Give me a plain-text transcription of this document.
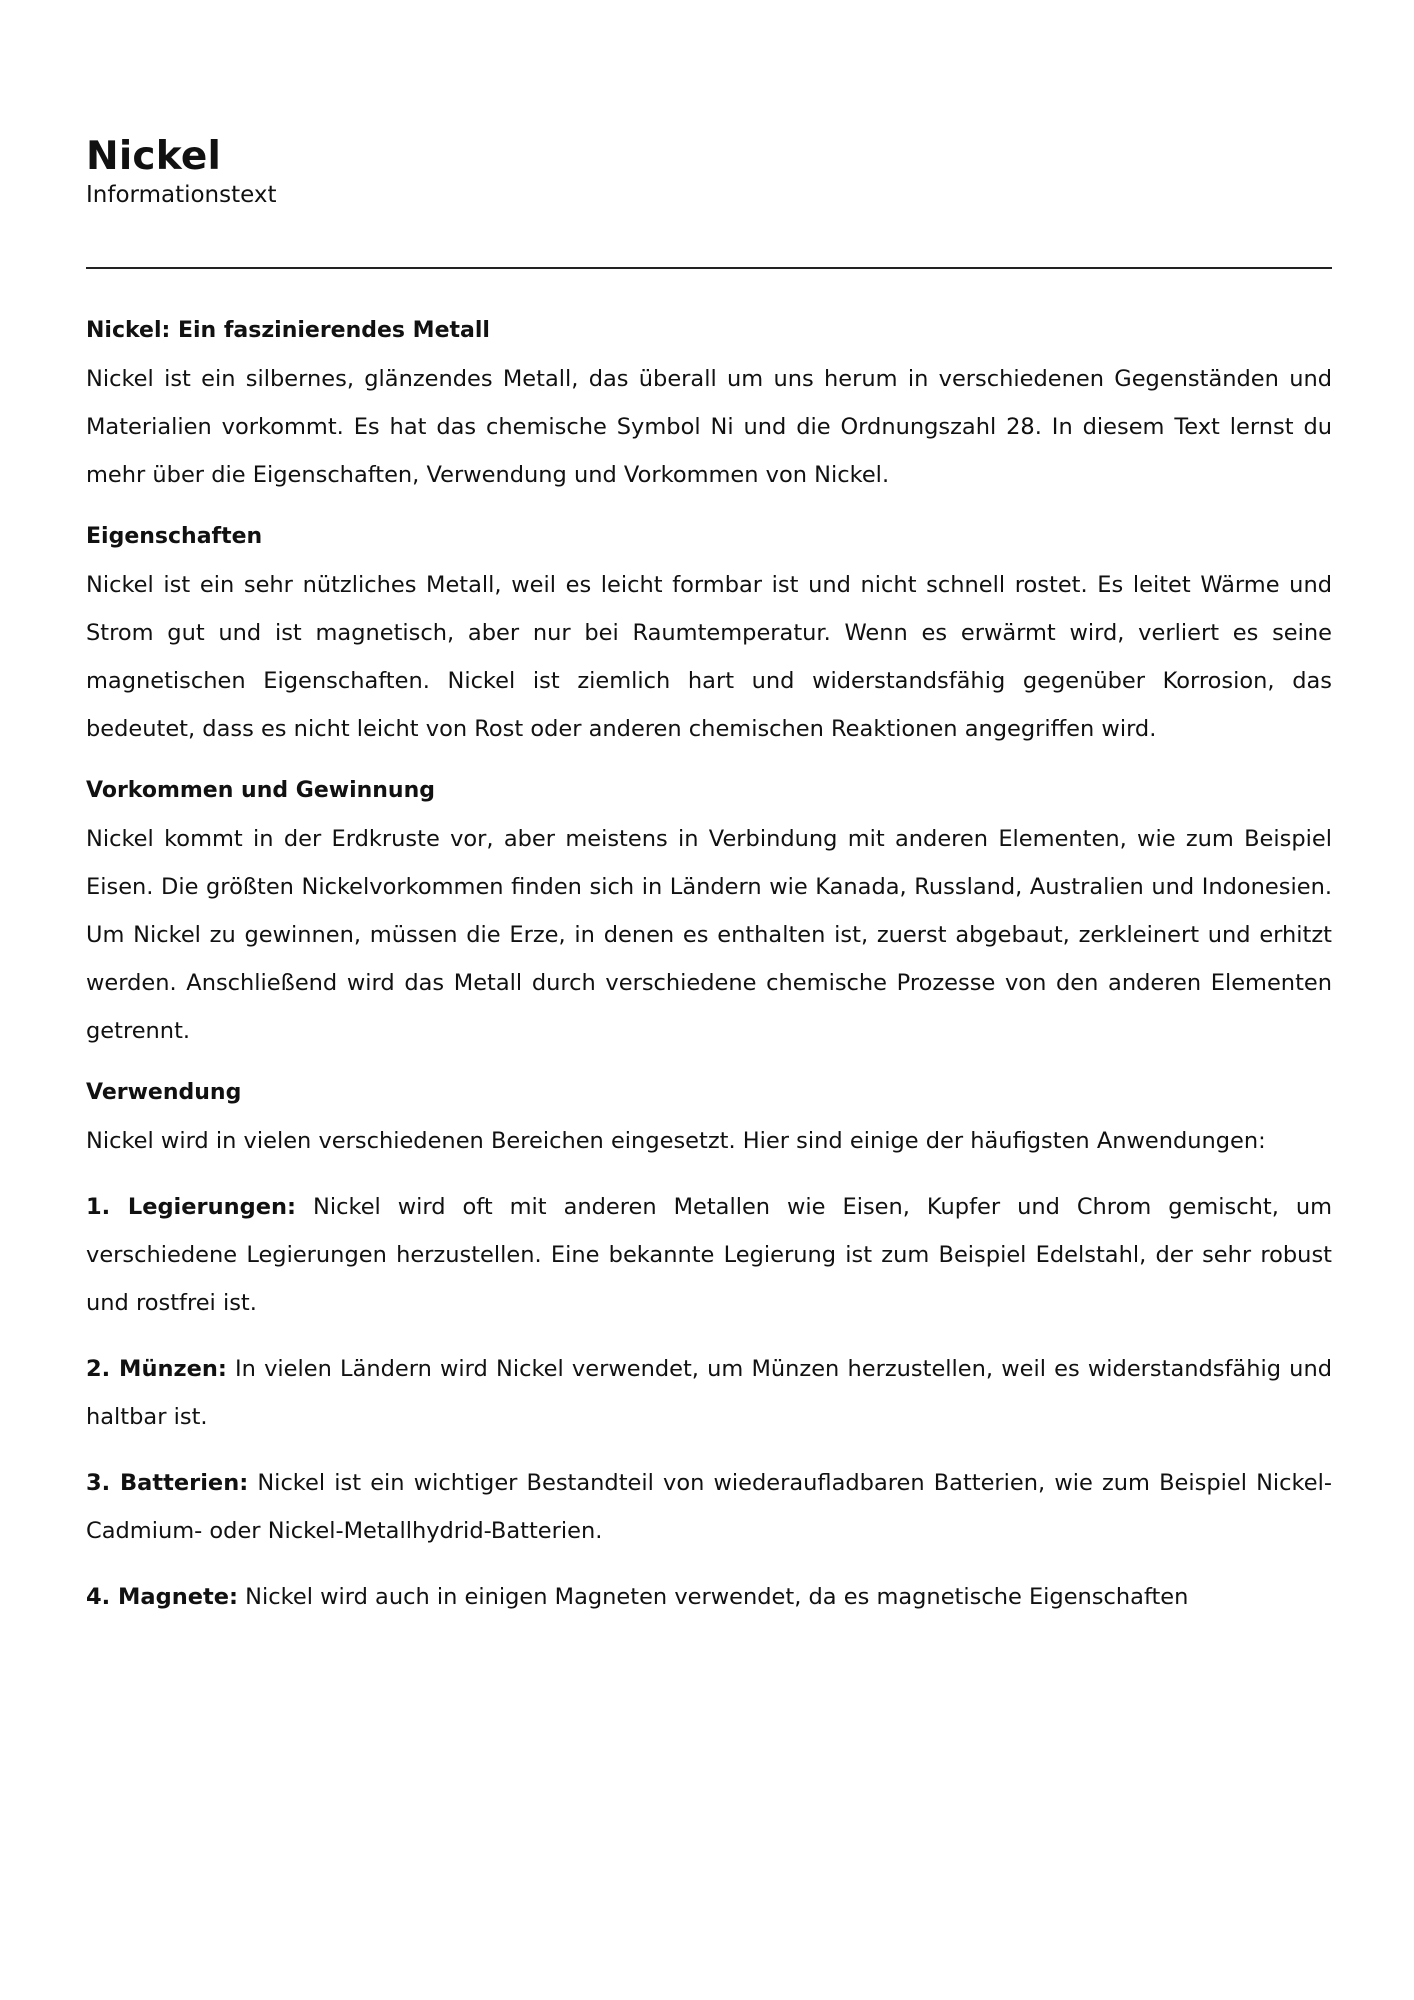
Nickel

Informationstext

Nickel: Ein faszinierendes Metall

Nickel ist ein silbernes, glänzendes Metall, das überall um uns herum in verschiedenen Gegenständen und Materialien vorkommt. Es hat das chemische Symbol Ni und die Ordnungszahl 28. In diesem Text lernst du mehr über die Eigenschaften, Verwendung und Vorkommen von Nickel.

Eigenschaften

Nickel ist ein sehr nützliches Metall, weil es leicht formbar ist und nicht schnell rostet. Es leitet Wärme und Strom gut und ist magnetisch, aber nur bei Raumtemperatur. Wenn es erwärmt wird, verliert es seine magnetischen Eigenschaften. Nickel ist ziemlich hart und widerstandsfähig gegenüber Korrosion, das bedeutet, dass es nicht leicht von Rost oder anderen chemischen Reaktionen angegriffen wird.

Vorkommen und Gewinnung

Nickel kommt in der Erdkruste vor, aber meistens in Verbindung mit anderen Elementen, wie zum Beispiel Eisen. Die größten Nickelvorkommen finden sich in Ländern wie Kanada, Russland, Australien und Indonesien. Um Nickel zu gewinnen, müssen die Erze, in denen es enthalten ist, zuerst abgebaut, zerkleinert und erhitzt werden. Anschließend wird das Metall durch verschiedene chemische Prozesse von den anderen Elementen getrennt.

Verwendung

Nickel wird in vielen verschiedenen Bereichen eingesetzt. Hier sind einige der häufigsten Anwendungen:

1. Legierungen: Nickel wird oft mit anderen Metallen wie Eisen, Kupfer und Chrom gemischt, um verschiedene Legierungen herzustellen. Eine bekannte Legierung ist zum Beispiel Edelstahl, der sehr robust und rostfrei ist.

2. Münzen: In vielen Ländern wird Nickel verwendet, um Münzen herzustellen, weil es widerstandsfähig und haltbar ist.

3. Batterien: Nickel ist ein wichtiger Bestandteil von wiederaufladbaren Batterien, wie zum Beispiel Nickel-Cadmium- oder Nickel-Metallhydrid-Batterien.

4. Magnete: Nickel wird auch in einigen Magneten verwendet, da es magnetische Eigenschaften
